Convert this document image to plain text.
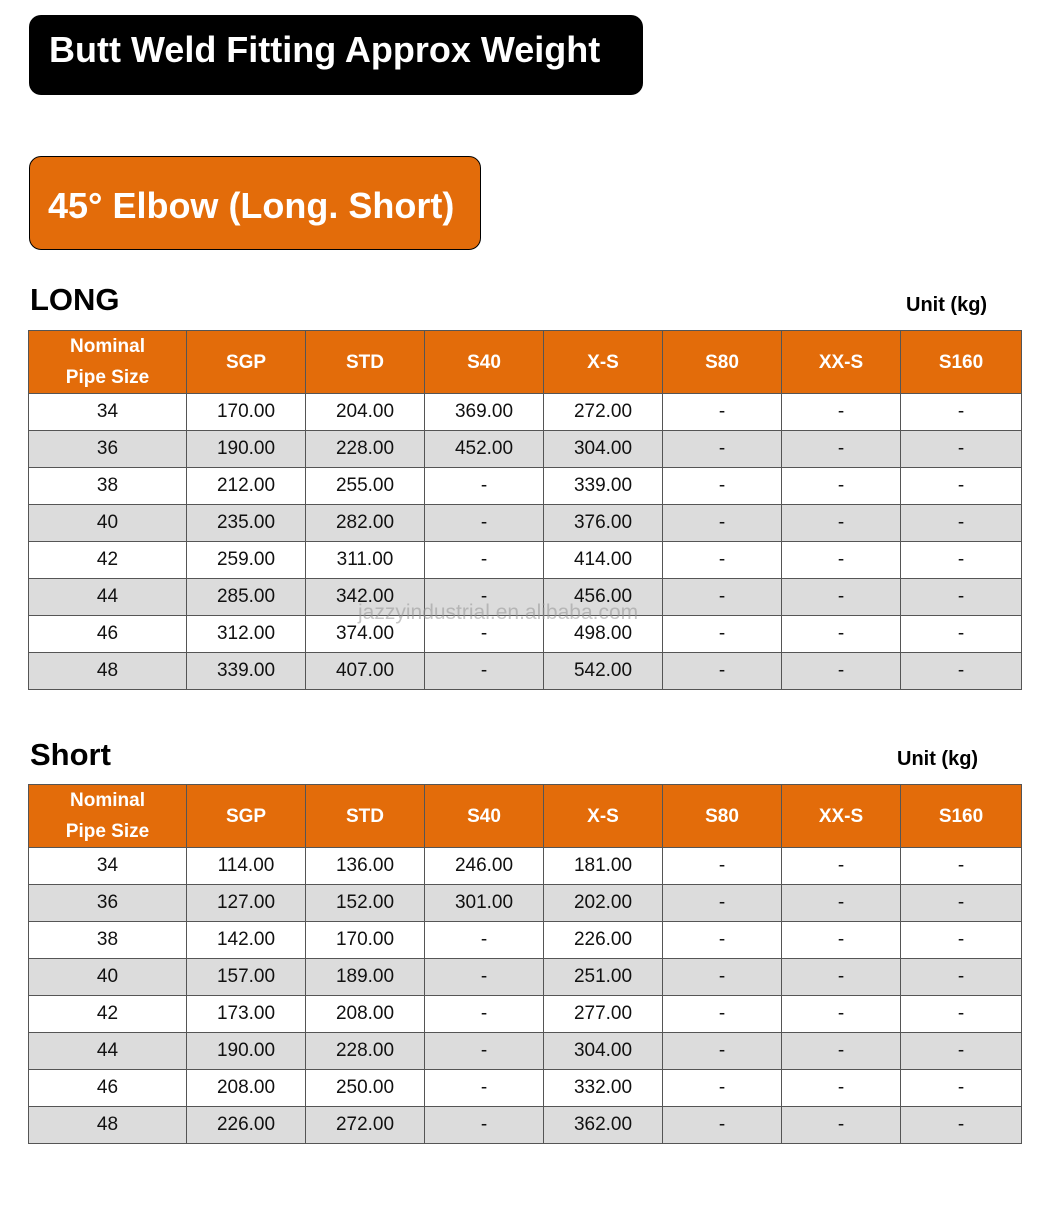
Butt Weld Fitting Approx Weight
45° Elbow (Long. Short)
LONG	Unit (kg)
Nominal Pipe Size	SGP	STD	S40	X-S	S80	XX-S	S160
34	170.00	204.00	369.00	272.00	-	-	-
36	190.00	228.00	452.00	304.00	-	-	-
38	212.00	255.00	-	339.00	-	-	-
40	235.00	282.00	-	376.00	-	-	-
42	259.00	311.00	-	414.00	-	-	-
44	285.00	342.00	-	456.00	-	-	-
46	312.00	374.00	-	498.00	-	-	-
48	339.00	407.00	-	542.00	-	-	-
jazzyindustrial.en.alibaba.com
Short	Unit (kg)
Nominal Pipe Size	SGP	STD	S40	X-S	S80	XX-S	S160
34	114.00	136.00	246.00	181.00	-	-	-
36	127.00	152.00	301.00	202.00	-	-	-
38	142.00	170.00	-	226.00	-	-	-
40	157.00	189.00	-	251.00	-	-	-
42	173.00	208.00	-	277.00	-	-	-
44	190.00	228.00	-	304.00	-	-	-
46	208.00	250.00	-	332.00	-	-	-
48	226.00	272.00	-	362.00	-	-	-
